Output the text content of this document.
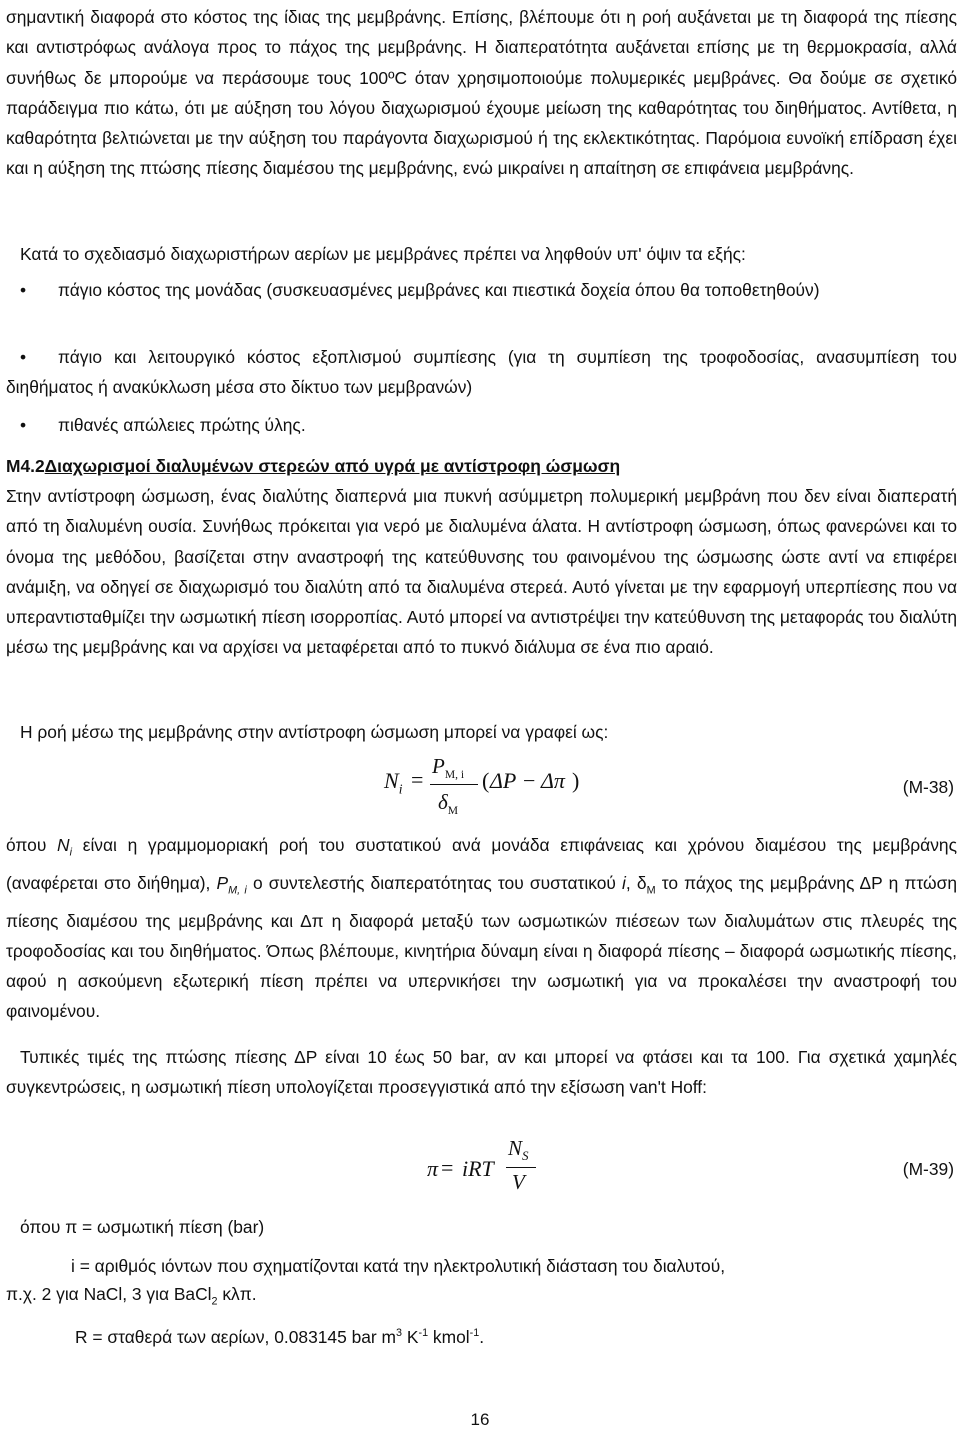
σημαντική διαφορά στο κόστος της ίδιας της μεμβράνης. Επίσης, βλέπουμε ότι η ροή αυξάνεται με τη διαφορά της πίεσης και αντιστρόφως ανάλογα προς το πάχος της μεμβράνης. Η διαπερατότητα αυξάνεται επίσης με τη θερμοκρασία, αλλά συνήθως δε μπορούμε να περάσουμε τους 100ºC όταν χρησιμοποιούμε πολυμερικές μεμβράνες. Θα δούμε σε σχετικό παράδειγμα πιο κάτω, ότι με αύξηση του λόγου διαχωρισμού έχουμε μείωση της καθαρότητας του διηθήματος. Αντίθετα, η καθαρότητα βελτιώνεται με την αύξηση του παράγοντα διαχωρισμού ή της εκλεκτικότητας. Παρόμοια ευνοϊκή επίδραση έχει και η αύξηση της πτώσης πίεσης διαμέσου της μεμβράνης, ενώ μικραίνει η απαίτηση σε επιφάνεια μεμβράνης.

Κατά το σχεδιασμό διαχωριστήρων αερίων με μεμβράνες πρέπει να ληφθούν υπ' όψιν τα εξής:

• πάγιο κόστος της μονάδας (συσκευασμένες μεμβράνες και πιεστικά δοχεία όπου θα τοποθετηθούν)

• πάγιο και λειτουργικό κόστος εξοπλισμού συμπίεσης (για τη συμπίεση της τροφοδοσίας, ανασυμπίεση του διηθήματος ή ανακύκλωση μέσα στο δίκτυο των μεμβρανών)

• πιθανές απώλειες πρώτης ύλης.

M4.2Διαχωρισμοί διαλυμένων στερεών από υγρά με αντίστροφη ώσμωση

Στην αντίστροφη ώσμωση, ένας διαλύτης διαπερνά μια πυκνή ασύμμετρη πολυμερική μεμβράνη που δεν είναι διαπερατή από τη διαλυμένη ουσία. Συνήθως πρόκειται για νερό με διαλυμένα άλατα. Η αντίστροφη ώσμωση, όπως φανερώνει και το όνομα της μεθόδου, βασίζεται στην αναστροφή της κατεύθυνσης του φαινομένου της ώσμωσης ώστε αντί να επιφέρει ανάμιξη, να οδηγεί σε διαχωρισμό του διαλύτη από τα διαλυμένα στερεά. Αυτό γίνεται με την εφαρμογή υπερπίεσης που να υπεραντισταθμίζει την ωσμωτική πίεση ισορροπίας. Αυτό μπορεί να αντιστρέψει την κατεύθυνση της μεταφοράς του διαλύτη μέσω της μεμβράνης και να αρχίσει να μεταφέρεται από το πυκνό διάλυμα σε ένα πιο αραιό.

Η ροή μέσω της μεμβράνης στην αντίστροφη ώσμωση μπορεί να γραφεί ως:

$N_i$ =
$P_{M, i}$
$\delta_M$
( ΔP − Δπ )	(M-38)

όπου $N_i$ είναι η γραμμομοριακή ροή του συστατικού ανά μονάδα επιφάνειας και χρόνου διαμέσου της μεμβράνης (αναφέρεται στο διήθημα), $P_{M, i}$ ο συντελεστής διαπερατότητας του συστατικού i, $\delta_M$ το πάχος της μεμβράνης ΔP η πτώση πίεσης διαμέσου της μεμβράνης και Δπ η διαφορά μεταξύ των ωσμωτικών πιέσεων των διαλυμάτων στις πλευρές της τροφοδοσίας και του διηθήματος. Όπως βλέπουμε, κινητήρια δύναμη είναι η διαφορά πίεσης – διαφορά ωσμωτικής πίεσης, αφού η ασκούμενη εξωτερική πίεση πρέπει να υπερνικήσει την ωσμωτική για να προκαλέσει την αναστροφή του φαινομένου.

Τυπικές τιμές της πτώσης πίεσης ΔP είναι 10 έως 50 bar, αν και μπορεί να φτάσει και τα 100. Για σχετικά χαμηλές συγκεντρώσεις, η ωσμωτική πίεση υπολογίζεται προσεγγιστικά από την εξίσωση van't Hoff:

π = iRT
$N_S$
V
(M-39)

όπου π = ωσμωτική πίεση (bar)

i = αριθμός ιόντων που σχηματίζονται κατά την ηλεκτρολυτική διάσταση του διαλυτού,

π.χ. 2 για NaCl, 3 για BaCl$_2$ κλπ.

R = σταθερά των αερίων, 0.083145 bar $m^3$ $K^{-1}$ kmol$^{-1}$.

16
